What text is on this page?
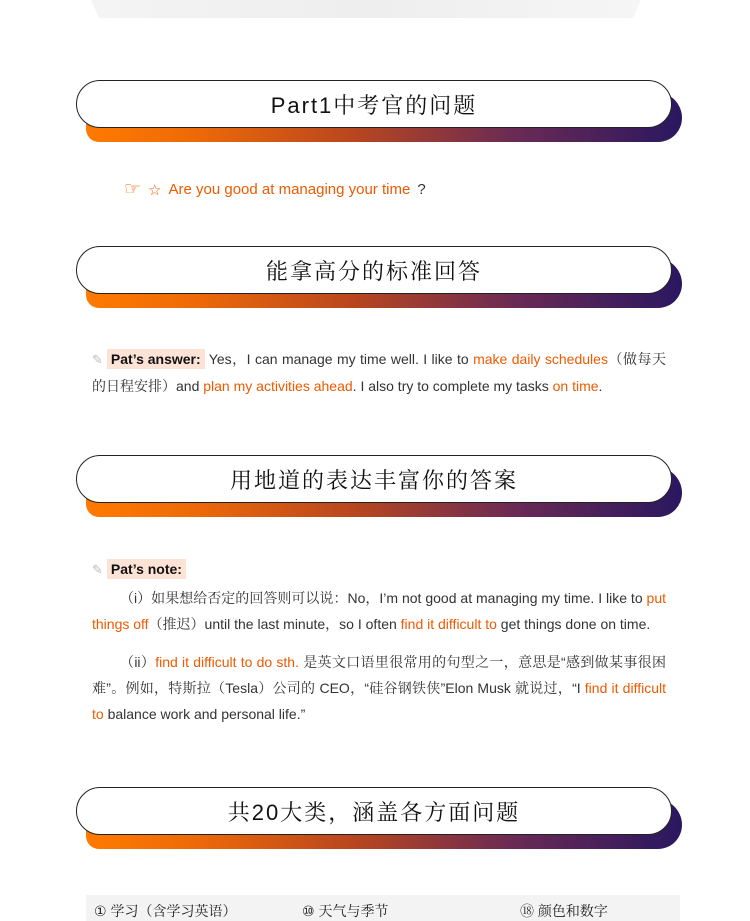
Part1中考官的问题
☞ ☆ Are you good at managing your time ?
能拿高分的标准回答
✎ Pat’s answer: Yes，I can manage my time well. I like to make daily schedules（做每天的日程安排）and plan my activities ahead. I also try to complete my tasks on time.
用地道的表达丰富你的答案
✎ Pat’s note:
（i）如果想给否定的回答则可以说：No，I’m not good at managing my time. I like to put things off（推迟）until the last minute，so I often find it difficult to get things done on time.
（ii）find it difficult to do sth. 是英文口语里很常用的句型之一，意思是“感到做某事很困难”。例如，特斯拉（Tesla）公司的 CEO，“硅谷钢铁侠”Elon Musk 就说过，“I find it difficult to balance work and personal life.”
共20大类，涵盖各方面问题
① 学习（含学习英语）	⑩ 天气与季节	⑱ 颜色和数字
